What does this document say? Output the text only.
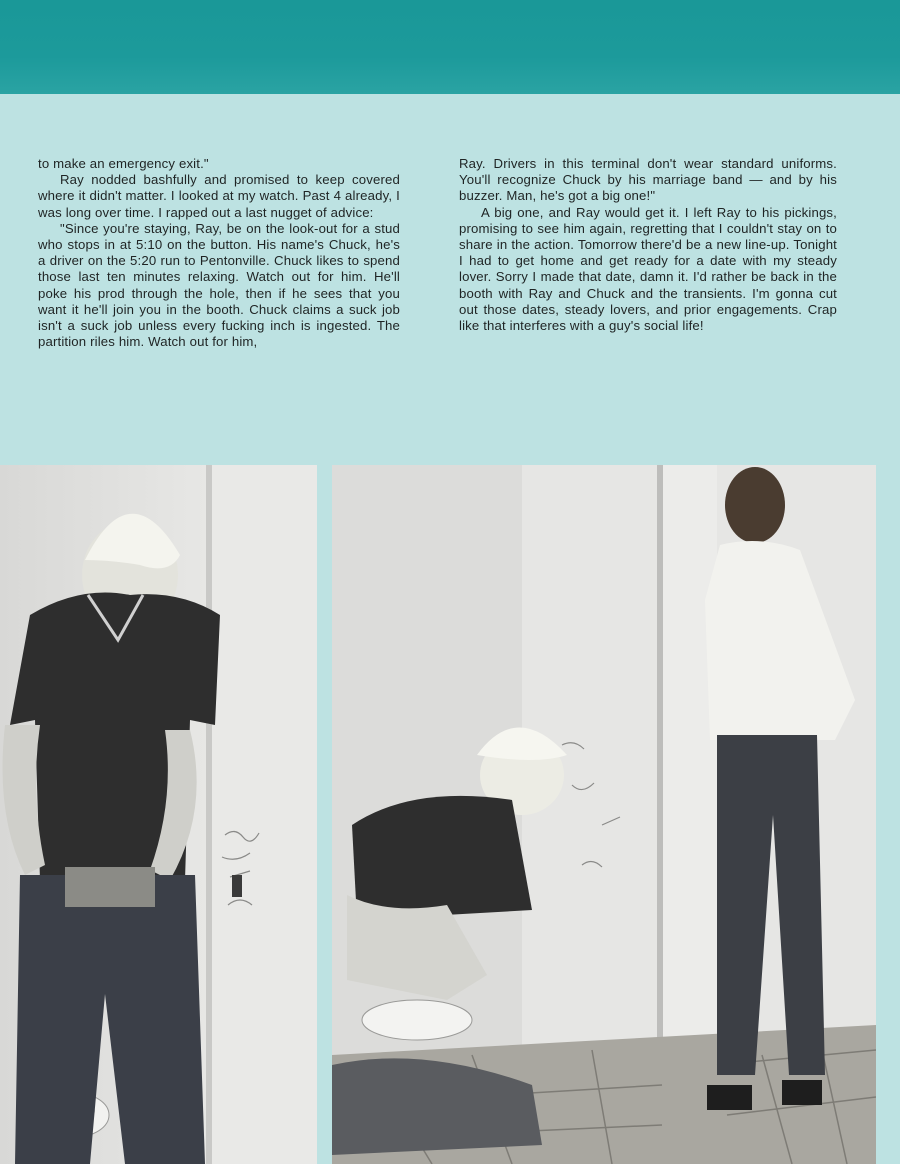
to make an emergency exit."

Ray nodded bashfully and promised to keep covered where it didn't matter. I looked at my watch. Past 4 already, I was long over time. I rapped out a last nugget of advice:

"Since you're staying, Ray, be on the look-out for a stud who stops in at 5:10 on the button. His name's Chuck, he's a driver on the 5:20 run to Pentonville. Chuck likes to spend those last ten minutes relaxing. Watch out for him. He'll poke his prod through the hole, then if he sees that you want it he'll join you in the booth. Chuck claims a suck job isn't a suck job unless every fucking inch is ingested. The partition riles him. Watch out for him,

Ray. Drivers in this terminal don't wear standard uniforms. You'll recognize Chuck by his marriage band — and by his buzzer. Man, he's got a big one!"

A big one, and Ray would get it. I left Ray to his pickings, promising to see him again, regretting that I couldn't stay on to share in the action. Tomorrow there'd be a new line-up. Tonight I had to get home and get ready for a date with my steady lover. Sorry I made that date, damn it. I'd rather be back in the booth with Ray and Chuck and the transients. I'm gonna cut out those dates, steady lovers, and prior engagements. Crap like that interferes with a guy's social life!
